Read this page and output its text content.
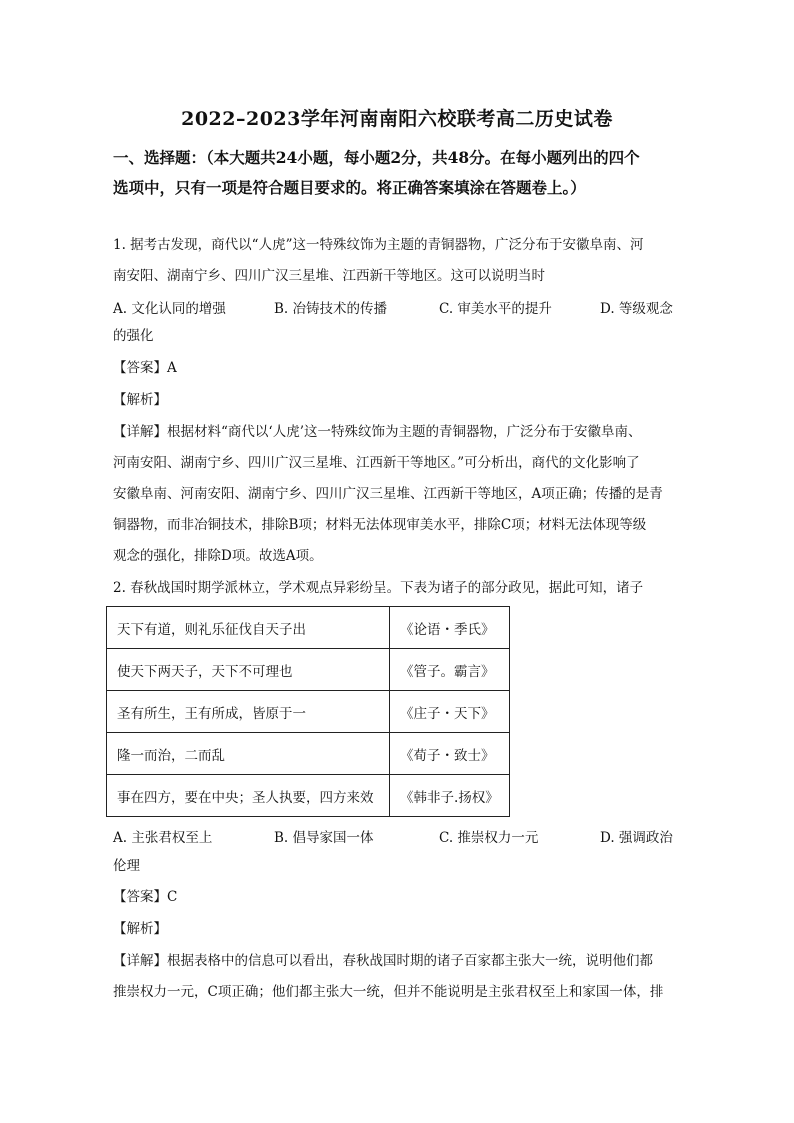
2022–2023学年河南南阳六校联考高二历史试卷
一、选择题：（本大题共24小题，每小题2分，共48分。在每小题列出的四个
选项中，只有一项是符合题目要求的。将正确答案填涂在答题卷上。）
1. 据考古发现，商代以“人虎”这一特殊纹饰为主题的青铜器物，广泛分布于安徽阜南、河
南安阳、湖南宁乡、四川广汉三星堆、江西新干等地区。这可以说明当时
A. 文化认同的增强	B. 冶铸技术的传播	C. 审美水平的提升	D. 等级观念
的强化
【答案】A
【解析】
【详解】根据材料“商代以‘人虎’这一特殊纹饰为主题的青铜器物，广泛分布于安徽阜南、
河南安阳、湖南宁乡、四川广汉三星堆、江西新干等地区。”可分析出，商代的文化影响了
安徽阜南、河南安阳、湖南宁乡、四川广汉三星堆、江西新干等地区，A项正确；传播的是青
铜器物，而非冶铜技术，排除B项；材料无法体现审美水平，排除C项；材料无法体现等级
观念的强化，排除D项。故选A项。
2. 春秋战国时期学派林立，学术观点异彩纷呈。下表为诸子的部分政见，据此可知，诸子
天下有道，则礼乐征伐自天子出	《论语・季氏》
使天下两天子，天下不可理也	《管子。霸言》
圣有所生，王有所成，皆原于一	《庄子・天下》
隆一而治，二而乱	《荀子・致士》
事在四方，要在中央；圣人执要，四方来效	《韩非子.扬权》
A. 主张君权至上	B. 倡导家国一体	C. 推崇权力一元	D. 强调政治
伦理
【答案】C
【解析】
【详解】根据表格中的信息可以看出，春秋战国时期的诸子百家都主张大一统，说明他们都
推崇权力一元，C项正确；他们都主张大一统，但并不能说明是主张君权至上和家国一体，排
